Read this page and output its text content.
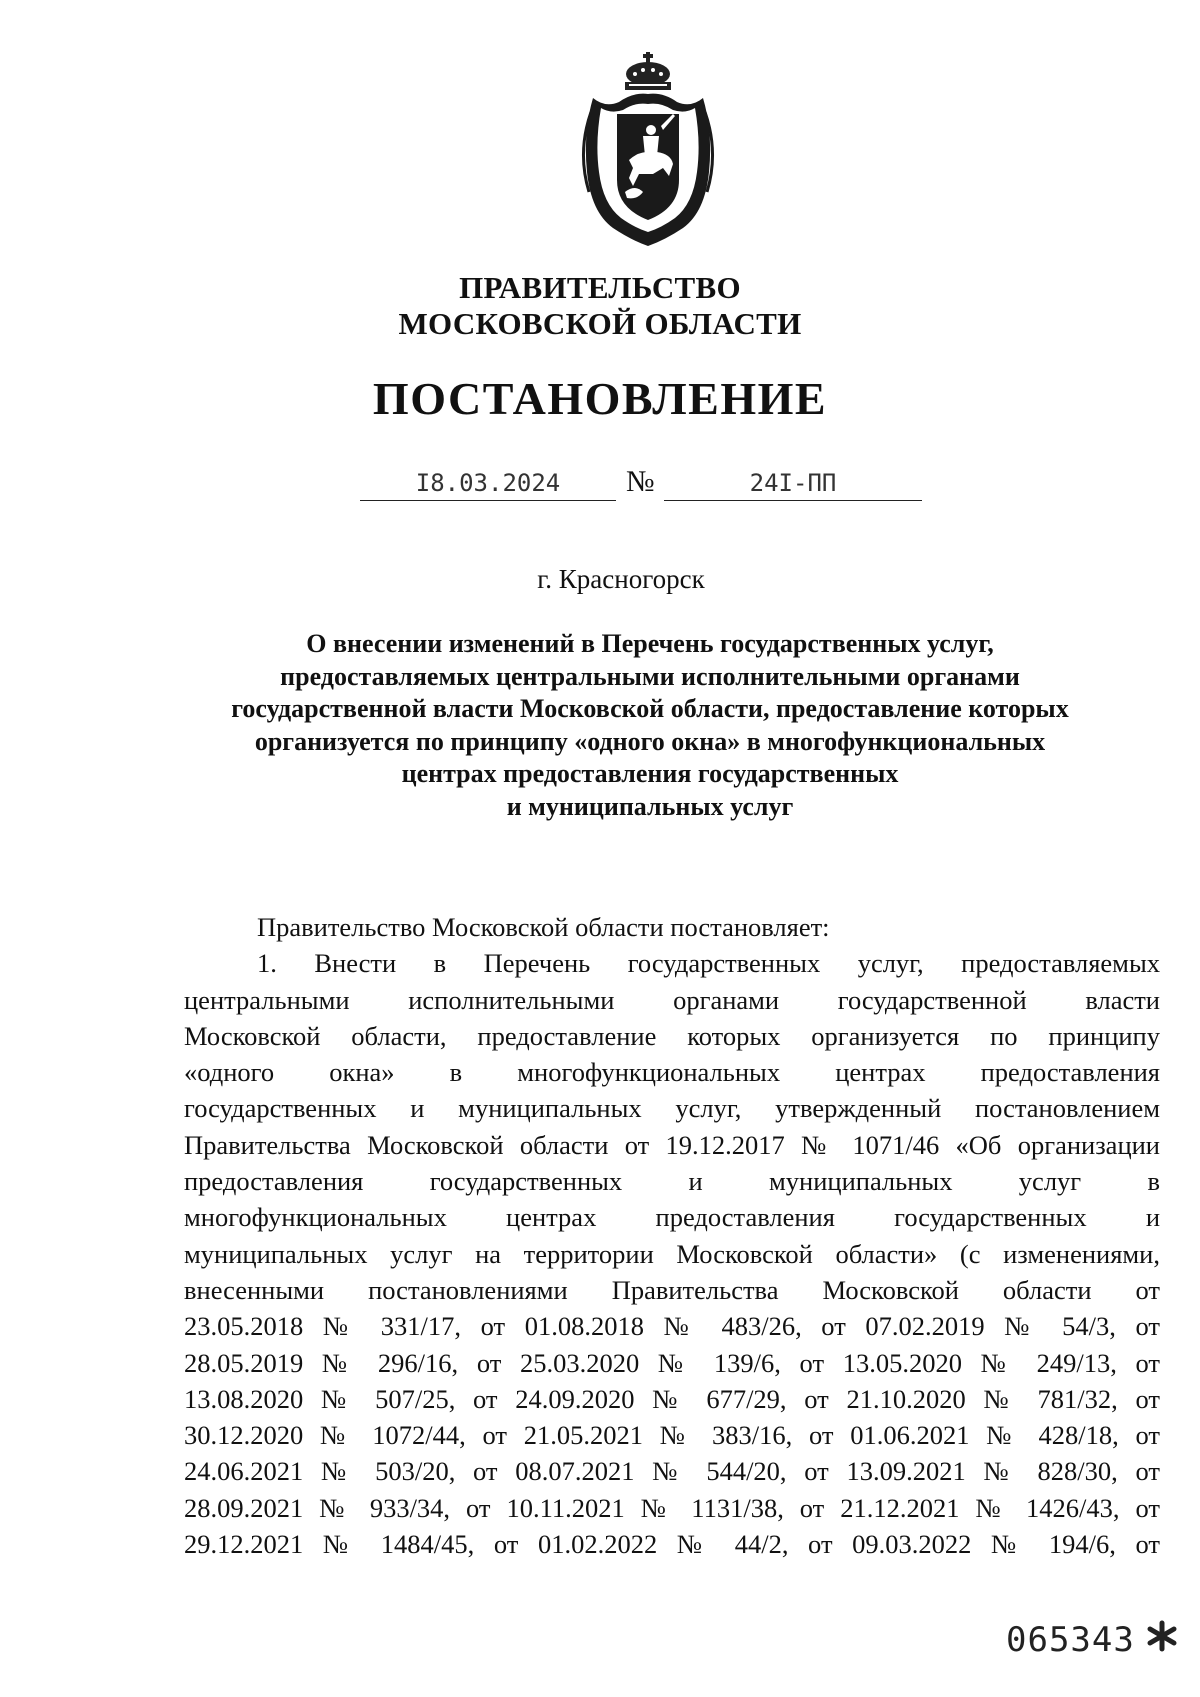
ПРАВИТЕЛЬСТВО
МОСКОВСКОЙ ОБЛАСТИ
ПОСТАНОВЛЕНИЕ
I8.03.2024	№	24I-ПП
г. Красногорск
О внесении изменений в Перечень государственных услуг,
предоставляемых центральными исполнительными органами
государственной власти Московской области, предоставление которых
организуется по принципу «одного окна» в многофункциональных
центрах предоставления государственных
и муниципальных услуг
Правительство Московской области постановляет:
1. Внести в Перечень государственных услуг, предоставляемых
центральными исполнительными органами государственной власти
Московской области, предоставление которых организуется по принципу
«одного окна» в многофункциональных центрах предоставления
государственных и муниципальных услуг, утвержденный постановлением
Правительства Московской области от 19.12.2017 № 1071/46 «Об организации
предоставления государственных и муниципальных услуг в
многофункциональных центрах предоставления государственных и
муниципальных услуг на территории Московской области» (с изменениями,
внесенными постановлениями Правительства Московской области от
23.05.2018 № 331/17, от 01.08.2018 № 483/26, от 07.02.2019 № 54/3, от
28.05.2019 № 296/16, от 25.03.2020 № 139/6, от 13.05.2020 № 249/13, от
13.08.2020 № 507/25, от 24.09.2020 № 677/29, от 21.10.2020 № 781/32, от
30.12.2020 № 1072/44, от 21.05.2021 № 383/16, от 01.06.2021 № 428/18, от
24.06.2021 № 503/20, от 08.07.2021 № 544/20, от 13.09.2021 № 828/30, от
28.09.2021 № 933/34, от 10.11.2021 № 1131/38, от 21.12.2021 № 1426/43, от
29.12.2021 № 1484/45, от 01.02.2022 № 44/2, от 09.03.2022 № 194/6, от
065343
